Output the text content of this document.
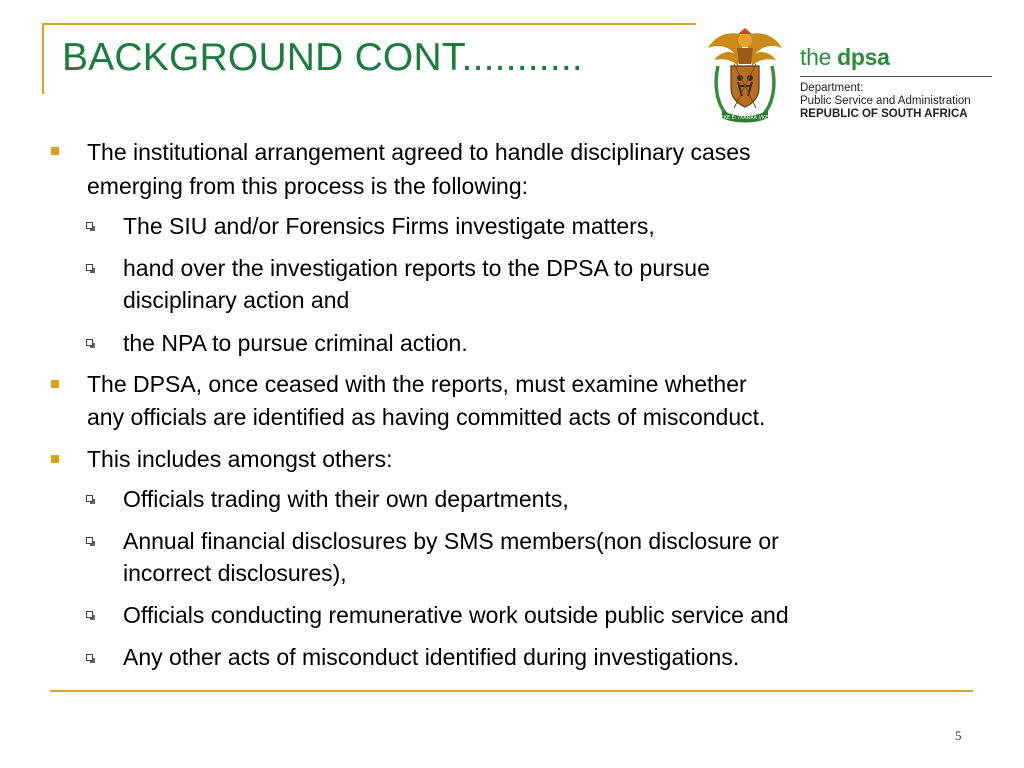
BACKGROUND CONT...........
!KE E: /XARRA //KE
the dpsa
Department:
Public Service and Administration
REPUBLIC OF SOUTH AFRICA
The institutional arrangement agreed to handle disciplinary cases
emerging from this process is the following:
The SIU and/or Forensics Firms investigate matters,
hand over the investigation reports to the DPSA to pursue
disciplinary action and
the NPA to pursue criminal action.
The DPSA, once ceased with the reports, must examine whether
any officials are identified as having committed acts of misconduct.
This includes amongst others:
Officials trading with their own departments,
Annual financial disclosures by SMS members(non disclosure or
incorrect disclosures),
Officials conducting remunerative work outside public service and
Any other acts of misconduct identified during investigations.
5
